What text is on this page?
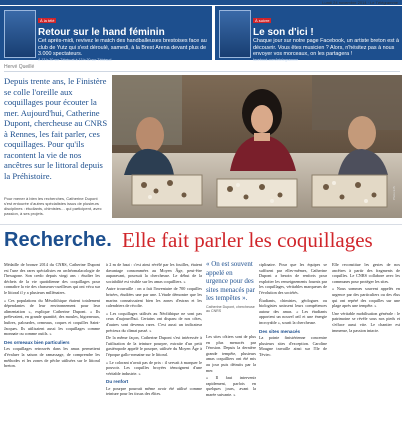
Lundi 24 novembre 2014 · Le Télégramme
À la télé
Retour sur le hand féminin
Cet après-midi, revivez le match des handballeuses brestoises face au club de Yutz qui s'est déroulé, samedi, à la Brest Arena devant plus de 3.000 spectateurs.
À 13 h 30 sur Tébéo et à 13 h 30 sur Tébésud.
À suivre
Le son d'ici !
Chaque jour sur notre page Facebook, un artiste breton est à découvrir. Vous êtes musicien ? Alors, n'hésitez pas à nous envoyer vos morceaux, on les partagera !
facebook.com/letelegramme
Hervé Queillé
Depuis trente ans, le Finistère se colle l'oreille aux coquillages pour écouter la mer. Aujourd'hui, Catherine Dupont, chercheuse au CNRS à Rennes, les fait parler, ces coquillages. Pour qu'ils racontent la vie de nos ancêtres sur le littoral depuis la Préhistoire.
Pour mener à bien les recherches, Catherine Dupont s'est entourée d'autres spécialistes issus de plusieurs disciplines : étudiants, chimistes… qui participent, avec passion, à ses projets.
Photo E.B.
Recherche. Elle fait parler les coquillages

Médaille de bronze 2014 du CNRS, Catherine Dupont est l'une des rares spécialistes en archéomalacologie de l'hexagone. Son credo depuis vingt ans : étudier les déchets de la vie quotidienne des coquillages pour connaître la vie des chasseurs-cueilleurs qui ont vécu sur le littoral il y a plusieurs millénaires.

« Ces populations du Mésolithique étaient totalement dépendantes de leur environnement pour leur alimentation », explique Catherine Dupont. « Ils prélevaient, en grande quantité, des moules, bigorneaux, huîtres, palourdes, ormeaux, coques et coquilles Saint-Jacques. Ils utilisaient aussi les coquillages comme monnaie ou comme outils. »

Des ormeaux bien particuliers

Les coquillages retrouvés dans les amas permettent d'évaluer la saison de ramassage, de comprendre les méthodes et les zones de pêche utilisées sur le littoral breton.

à 2 m de haut : c'est ainsi révélé par les fouilles, étaient davantage consommées au Moyen Âge, peut-être auparavant, poursuit la chercheuse. Le début de la sociabilité est visible sur les amas coquilliers. »

Autre trouvaille : on a fait l'inventaire de 700 coquilles brisées, étudiées une par une. L'étude démontre que les marins connaissaient bien les zones d'estran et les calendriers de récolte.

« Les coquillages utilisés au Néolithique ne sont pas ceux d'aujourd'hui. Certains ont disparu de nos côtes, d'autres sont devenus rares. C'est aussi un indicateur précieux du climat passé. »

De la même façon, Catherine Dupont s'est intéressée à l'utilisation de la teinture pourpre, extraite d'un petit gastéropode appelé le pourpre, utilisée du Moyen Âge à l'époque gallo-romaine sur le littoral.

« Le colorant n'avait pas de prix : il servait à marquer le pouvoir. Les coquilles broyées témoignent d'une véritable industrie. »

Du renfort

Le pourpre pourrait même avoir été utilisé comme teinture pour les tissus des élites.

« On est souvent appelé en urgence pour des sites menacés par les tempêtes ».
Catherine Dupont, chercheuse au CNRS

Les sites côtiers sont de plus en plus menacés par l'érosion. Depuis la dernière grande tempête, plusieurs amas coquilliers ont été mis au jour puis détruits par la mer.

« Il faut intervenir rapidement, parfois en quelques jours, avant la marée suivante. »

ciplinaire. Pour que les équipes se suffisent par elles-mêmes, Catherine Dupont a besoin de renforts pour exploiter les renseignements fournis par les coquillages, véritables marqueurs de l'évolution des sociétés.

Étudiants, chimistes, géologues ou biologistes unissent leurs compétences autour des amas. « Les étudiants apportent un nouvel œil et une énergie incroyable », sourit la chercheuse.

Des sites menacés

La pointe finistérienne concentre plusieurs sites d'exception. Caroline Mougne travaille ainsi sur l'île de Téviec.

Elle reconstitue les gestes de nos ancêtres à partir des fragments de coquilles. Le CNRS collabore avec les communes pour protéger les sites.

« Nous sommes souvent appelés en urgence par des particuliers ou des élus qui ont repéré des coquilles sur une plage après une tempête. »

Une véritable mobilisation générale : le patrimoine se révèle sous nos pieds et s'efface aussi vite. Le chantier est immense, la passion intacte.
